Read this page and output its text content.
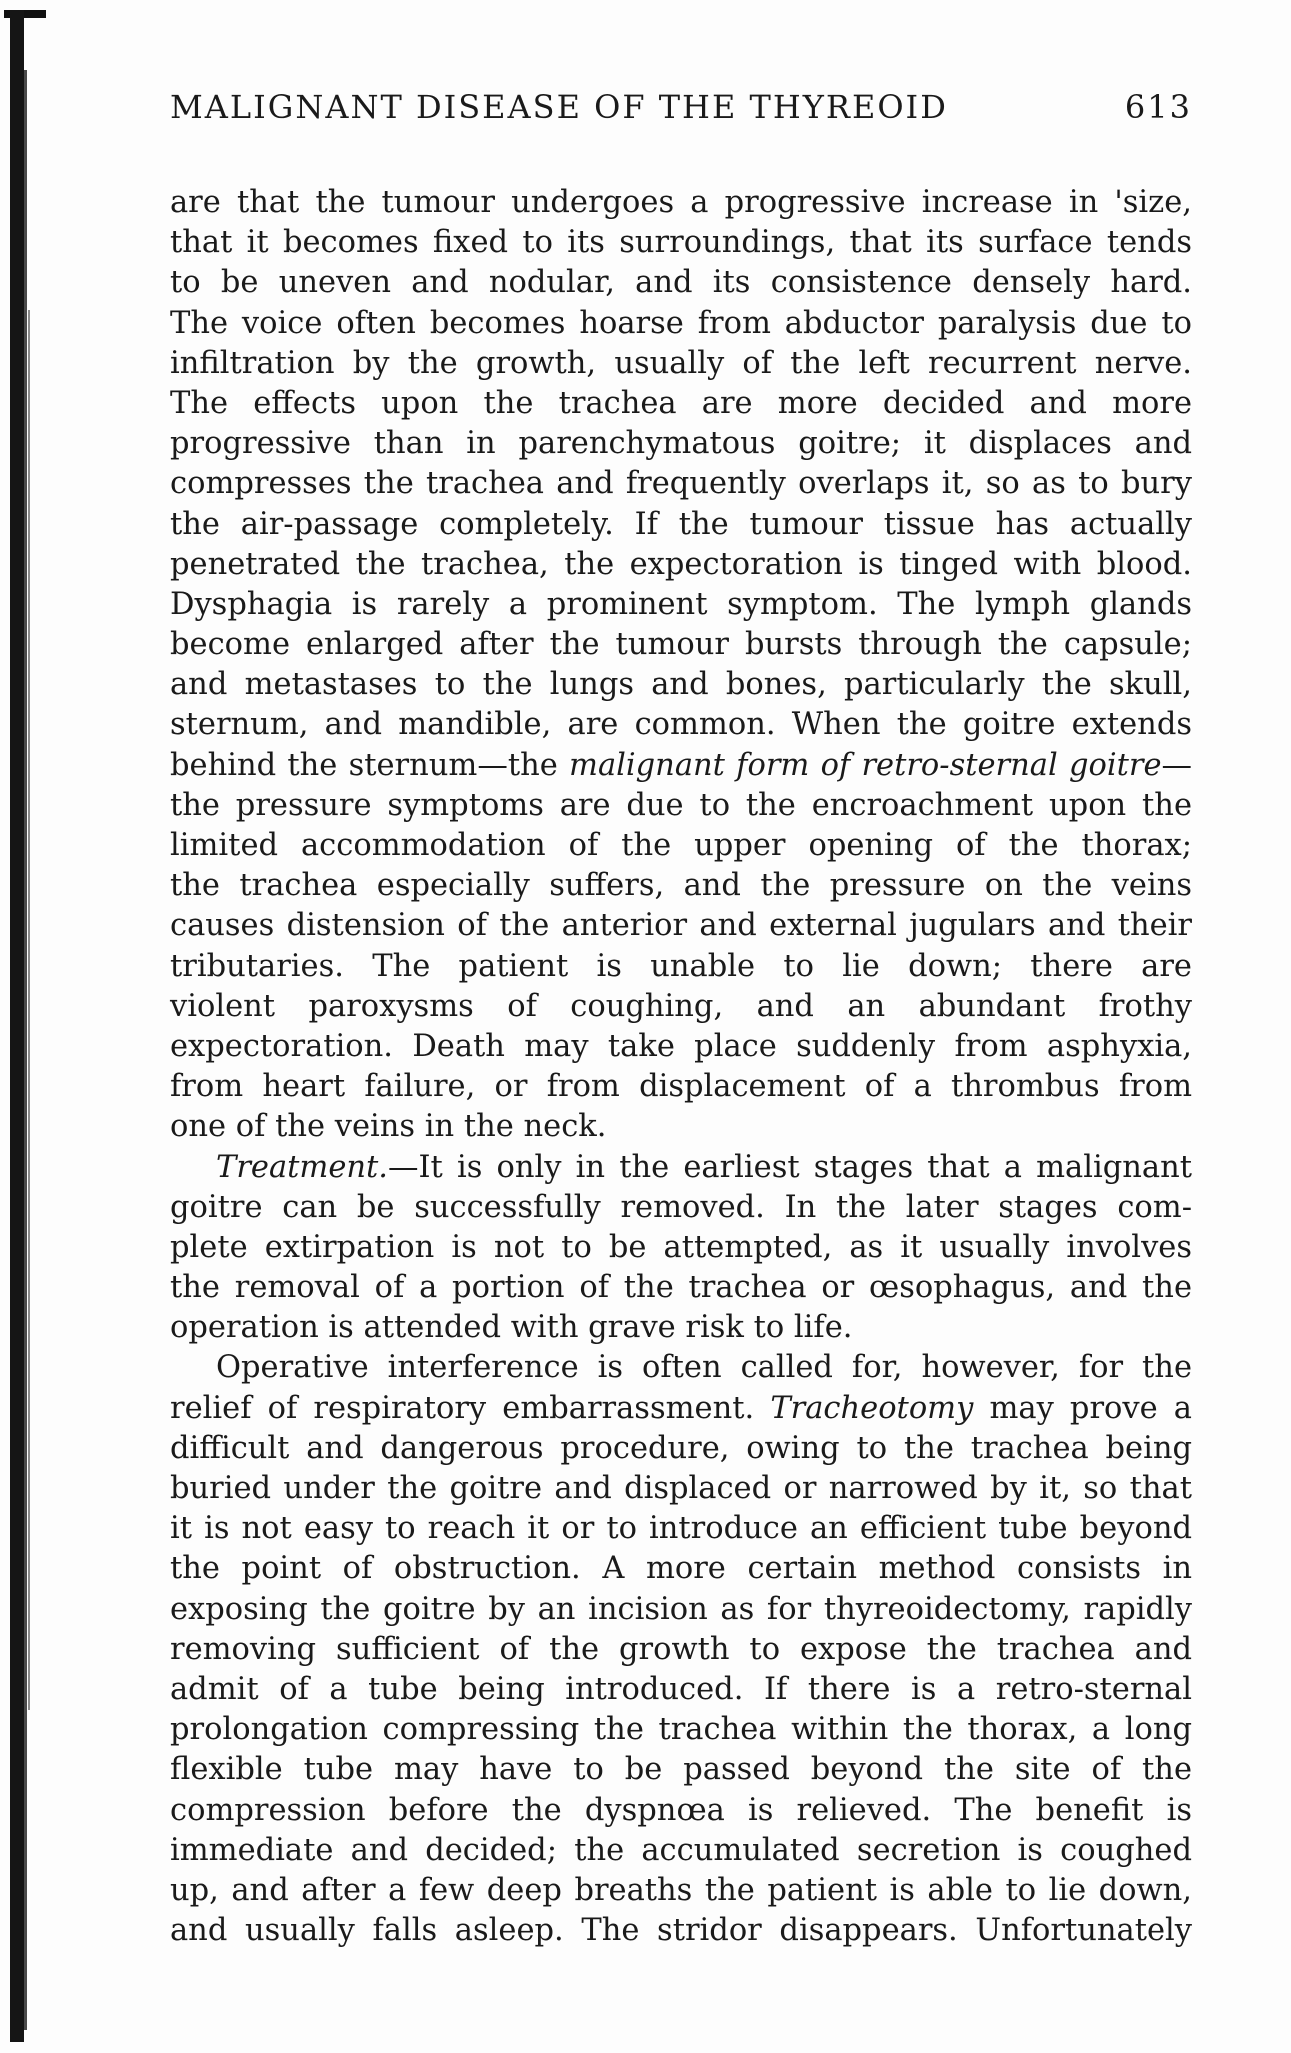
MALIGNANT DISEASE OF THE THYREOID	613
are that the tumour undergoes a progressive increase in 'size,
that it becomes fixed to its surroundings, that its surface tends
to be uneven and nodular, and its consistence densely hard.
The voice often becomes hoarse from abductor paralysis due to
infiltration by the growth, usually of the left recurrent nerve.
The effects upon the trachea are more decided and more
progressive than in parenchymatous goitre; it displaces and
compresses the trachea and frequently overlaps it, so as to bury
the air-passage completely. If the tumour tissue has actually
penetrated the trachea, the expectoration is tinged with blood.
Dysphagia is rarely a prominent symptom. The lymph glands
become enlarged after the tumour bursts through the capsule;
and metastases to the lungs and bones, particularly the skull,
sternum, and mandible, are common. When the goitre extends
behind the sternum—the malignant form of retro-sternal goitre—
the pressure symptoms are due to the encroachment upon the
limited accommodation of the upper opening of the thorax;
the trachea especially suffers, and the pressure on the veins
causes distension of the anterior and external jugulars and their
tributaries. The patient is unable to lie down; there are
violent paroxysms of coughing, and an abundant frothy
expectoration. Death may take place suddenly from asphyxia,
from heart failure, or from displacement of a thrombus from
one of the veins in the neck.
Treatment.—It is only in the earliest stages that a malignant
goitre can be successfully removed. In the later stages com-
plete extirpation is not to be attempted, as it usually involves
the removal of a portion of the trachea or œsophagus, and the
operation is attended with grave risk to life.
Operative interference is often called for, however, for the
relief of respiratory embarrassment. Tracheotomy may prove a
difficult and dangerous procedure, owing to the trachea being
buried under the goitre and displaced or narrowed by it, so that
it is not easy to reach it or to introduce an efficient tube beyond
the point of obstruction. A more certain method consists in
exposing the goitre by an incision as for thyreoidectomy, rapidly
removing sufficient of the growth to expose the trachea and
admit of a tube being introduced. If there is a retro-sternal
prolongation compressing the trachea within the thorax, a long
flexible tube may have to be passed beyond the site of the
compression before the dyspnœa is relieved. The benefit is
immediate and decided; the accumulated secretion is coughed
up, and after a few deep breaths the patient is able to lie down,
and usually falls asleep. The stridor disappears. Unfortunately
